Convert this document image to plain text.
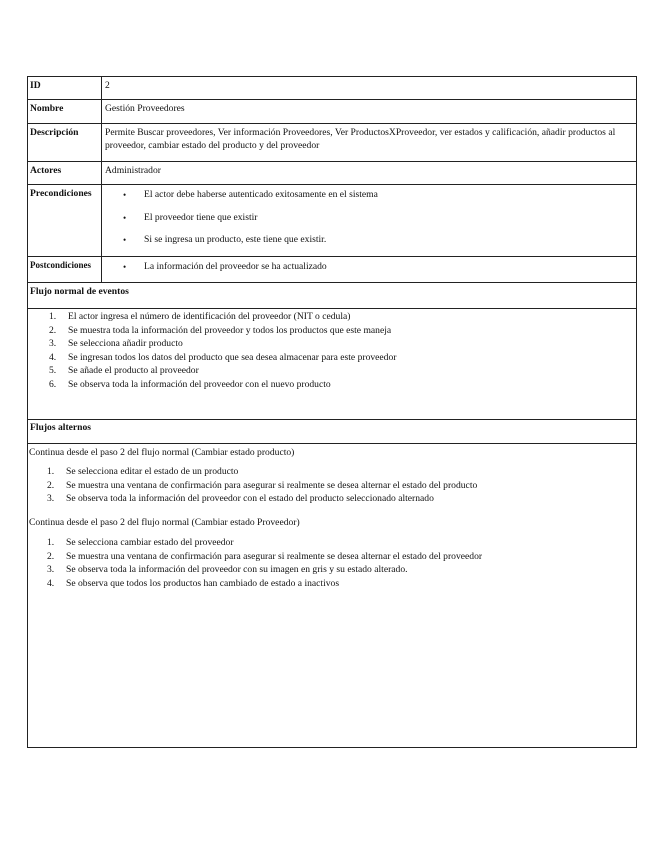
ID	2
Nombre	Gestión Proveedores
Descripción	Permite Buscar proveedores, Ver información Proveedores, Ver ProductosXProveedor, ver estados y calificación, añadir productos al proveedor, cambiar estado del producto y del proveedor
Actores	Administrador
Precondiciones	• El actor debe haberse autenticado exitosamente en el sistema
• El proveedor tiene que existir
• Si se ingresa un producto, este tiene que existir.
Postcondiciones	• La información del proveedor se ha actualizado
Flujo normal de eventos
1. El actor ingresa el número de identificación del proveedor (NIT o cedula)
2. Se muestra toda la información del proveedor y todos los productos que este maneja
3. Se selecciona añadir producto
4. Se ingresan todos los datos del producto que sea desea almacenar para este proveedor
5. Se añade el producto al proveedor
6. Se observa toda la información del proveedor con el nuevo producto
Flujos alternos
Continua desde el paso 2 del flujo normal (Cambiar estado producto)
1. Se selecciona editar el estado de un producto
2. Se muestra una ventana de confirmación para asegurar si realmente se desea alternar el estado del producto
3. Se observa toda la información del proveedor con el estado del producto seleccionado alternado
Continua desde el paso 2 del flujo normal (Cambiar estado Proveedor)
1. Se selecciona cambiar estado del proveedor
2. Se muestra una ventana de confirmación para asegurar si realmente se desea alternar el estado del proveedor
3. Se observa toda la información del proveedor con su imagen en gris y su estado alterado.
4. Se observa que todos los productos han cambiado de estado a inactivos
